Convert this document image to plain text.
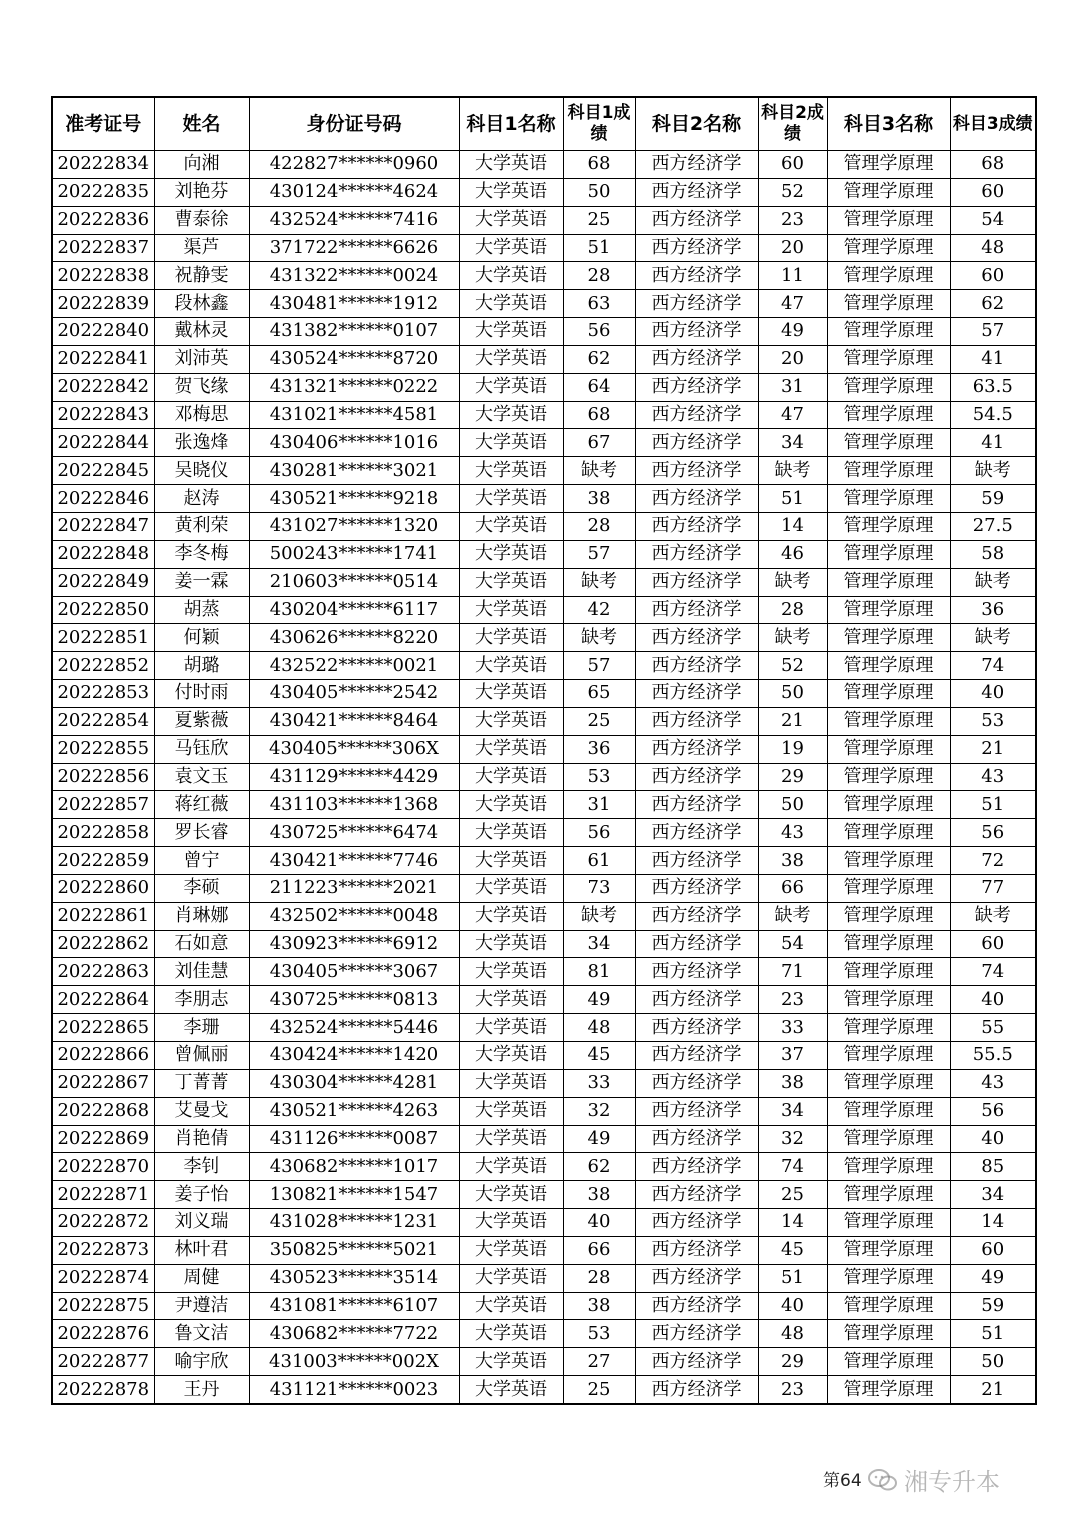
准考证号	姓名	身份证号码	科目1名称	科目1成绩	科目2名称	科目2成绩	科目3名称	科目3成绩
20222834	向湘	422827******0960	大学英语	68	西方经济学	60	管理学原理	68
20222835	刘艳芬	430124******4624	大学英语	50	西方经济学	52	管理学原理	60
20222836	曹泰徐	432524******7416	大学英语	25	西方经济学	23	管理学原理	54
20222837	渠芦	371722******6626	大学英语	51	西方经济学	20	管理学原理	48
20222838	祝静雯	431322******0024	大学英语	28	西方经济学	11	管理学原理	60
20222839	段林鑫	430481******1912	大学英语	63	西方经济学	47	管理学原理	62
20222840	戴林灵	431382******0107	大学英语	56	西方经济学	49	管理学原理	57
20222841	刘沛英	430524******8720	大学英语	62	西方经济学	20	管理学原理	41
20222842	贺飞缘	431321******0222	大学英语	64	西方经济学	31	管理学原理	63.5
20222843	邓梅思	431021******4581	大学英语	68	西方经济学	47	管理学原理	54.5
20222844	张逸烽	430406******1016	大学英语	67	西方经济学	34	管理学原理	41
20222845	吴晓仪	430281******3021	大学英语	缺考	西方经济学	缺考	管理学原理	缺考
20222846	赵涛	430521******9218	大学英语	38	西方经济学	51	管理学原理	59
20222847	黄利荣	431027******1320	大学英语	28	西方经济学	14	管理学原理	27.5
20222848	李冬梅	500243******1741	大学英语	57	西方经济学	46	管理学原理	58
20222849	姜一霖	210603******0514	大学英语	缺考	西方经济学	缺考	管理学原理	缺考
20222850	胡蒸	430204******6117	大学英语	42	西方经济学	28	管理学原理	36
20222851	何颖	430626******8220	大学英语	缺考	西方经济学	缺考	管理学原理	缺考
20222852	胡璐	432522******0021	大学英语	57	西方经济学	52	管理学原理	74
20222853	付时雨	430405******2542	大学英语	65	西方经济学	50	管理学原理	40
20222854	夏紫薇	430421******8464	大学英语	25	西方经济学	21	管理学原理	53
20222855	马钰欣	430405******306X	大学英语	36	西方经济学	19	管理学原理	21
20222856	袁文玉	431129******4429	大学英语	53	西方经济学	29	管理学原理	43
20222857	蒋红薇	431103******1368	大学英语	31	西方经济学	50	管理学原理	51
20222858	罗长睿	430725******6474	大学英语	56	西方经济学	43	管理学原理	56
20222859	曾宁	430421******7746	大学英语	61	西方经济学	38	管理学原理	72
20222860	李硕	211223******2021	大学英语	73	西方经济学	66	管理学原理	77
20222861	肖琳娜	432502******0048	大学英语	缺考	西方经济学	缺考	管理学原理	缺考
20222862	石如意	430923******6912	大学英语	34	西方经济学	54	管理学原理	60
20222863	刘佳慧	430405******3067	大学英语	81	西方经济学	71	管理学原理	74
20222864	李朋志	430725******0813	大学英语	49	西方经济学	23	管理学原理	40
20222865	李珊	432524******5446	大学英语	48	西方经济学	33	管理学原理	55
20222866	曾佩丽	430424******1420	大学英语	45	西方经济学	37	管理学原理	55.5
20222867	丁菁菁	430304******4281	大学英语	33	西方经济学	38	管理学原理	43
20222868	艾曼戈	430521******4263	大学英语	32	西方经济学	34	管理学原理	56
20222869	肖艳倩	431126******0087	大学英语	49	西方经济学	32	管理学原理	40
20222870	李钊	430682******1017	大学英语	62	西方经济学	74	管理学原理	85
20222871	姜子怡	130821******1547	大学英语	38	西方经济学	25	管理学原理	34
20222872	刘义瑞	431028******1231	大学英语	40	西方经济学	14	管理学原理	14
20222873	林叶君	350825******5021	大学英语	66	西方经济学	45	管理学原理	60
20222874	周健	430523******3514	大学英语	28	西方经济学	51	管理学原理	49
20222875	尹遵洁	431081******6107	大学英语	38	西方经济学	40	管理学原理	59
20222876	鲁文洁	430682******7722	大学英语	53	西方经济学	48	管理学原理	51
20222877	喻宇欣	431003******002X	大学英语	27	西方经济学	29	管理学原理	50
20222878	王丹	431121******0023	大学英语	25	西方经济学	23	管理学原理	21
第64 湘专升本
